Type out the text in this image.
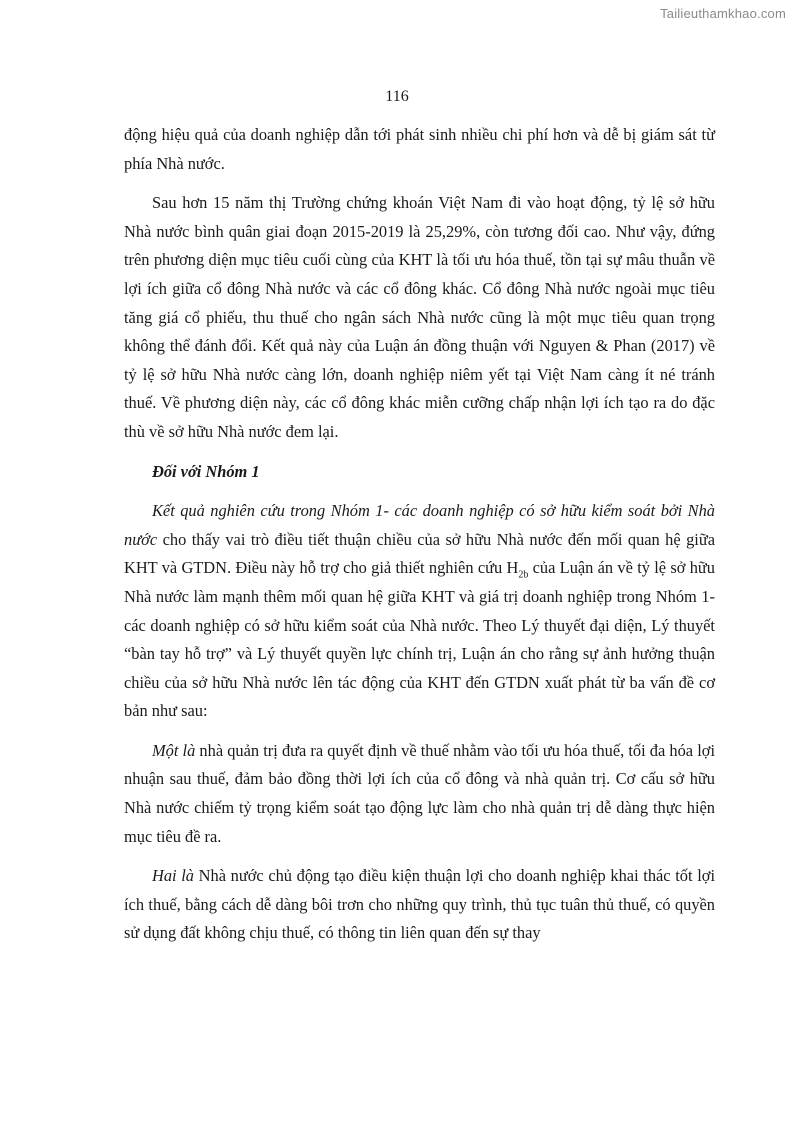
Tailieuthamkhao.com
116

động hiệu quả của doanh nghiệp dẫn tới phát sinh nhiều chi phí hơn và dễ bị giám sát từ phía Nhà nước.

Sau hơn 15 năm thị Trường chứng khoán Việt Nam đi vào hoạt động, tỷ lệ sở hữu Nhà nước bình quân giai đoạn 2015-2019 là 25,29%, còn tương đối cao. Như vậy, đứng trên phương diện mục tiêu cuối cùng của KHT là tối ưu hóa thuế, tồn tại sự mâu thuẫn về lợi ích giữa cổ đông Nhà nước và các cổ đông khác. Cổ đông Nhà nước ngoài mục tiêu tăng giá cổ phiếu, thu thuế cho ngân sách Nhà nước cũng là một mục tiêu quan trọng không thể đánh đổi. Kết quả này của Luận án đồng thuận với Nguyen & Phan (2017) về tỷ lệ sở hữu Nhà nước càng lớn, doanh nghiệp niêm yết tại Việt Nam càng ít né tránh thuế. Về phương diện này, các cổ đông khác miễn cưỡng chấp nhận lợi ích tạo ra do đặc thù về sở hữu Nhà nước đem lại.

Đối với Nhóm 1

Kết quả nghiên cứu trong Nhóm 1- các doanh nghiệp có sở hữu kiểm soát bởi Nhà nước cho thấy vai trò điều tiết thuận chiều của sở hữu Nhà nước đến mối quan hệ giữa KHT và GTDN. Điều này hỗ trợ cho giả thiết nghiên cứu $H_{2b}$ của Luận án về tỷ lệ sở hữu Nhà nước làm mạnh thêm mối quan hệ giữa KHT và giá trị doanh nghiệp trong Nhóm 1- các doanh nghiệp có sở hữu kiểm soát của Nhà nước. Theo Lý thuyết đại diện, Lý thuyết “bàn tay hỗ trợ” và Lý thuyết quyền lực chính trị, Luận án cho rằng sự ảnh hưởng thuận chiều của sở hữu Nhà nước lên tác động của KHT đến GTDN xuất phát từ ba vấn đề cơ bản như sau:

Một là nhà quản trị đưa ra quyết định về thuế nhằm vào tối ưu hóa thuế, tối đa hóa lợi nhuận sau thuế, đảm bảo đồng thời lợi ích của cổ đông và nhà quản trị. Cơ cấu sở hữu Nhà nước chiếm tỷ trọng kiểm soát tạo động lực làm cho nhà quản trị dễ dàng thực hiện mục tiêu đề ra.

Hai là Nhà nước chủ động tạo điều kiện thuận lợi cho doanh nghiệp khai thác tốt lợi ích thuế, bằng cách dễ dàng bôi trơn cho những quy trình, thủ tục tuân thủ thuế, có quyền sử dụng đất không chịu thuế, có thông tin liên quan đến sự thay
